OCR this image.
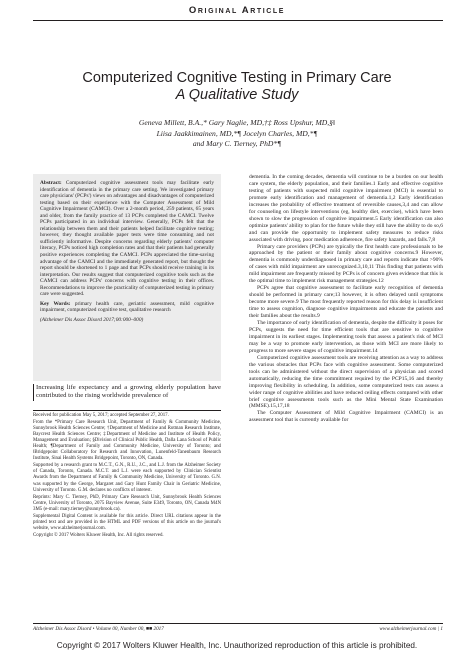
Original Article
Computerized Cognitive Testing in Primary Care
A Qualitative Study
Geneva Millett, B.A.,* Gary Naglie, MD,†‡ Ross Upshur, MD,§‖
Liisa Jaakkimainen, MD,*¶ Jocelyn Charles, MD,*¶
and Mary C. Tierney, PhD*¶

Abstract: Computerized cognitive assessment tools may facilitate early identification of dementia in the primary care setting. We investigated primary care physicians' (PCPs') views on advantages and disadvantages of computerized testing based on their experience with the Computer Assessment of Mild Cognitive Impairment (CAMCI). Over a 2-month period, 259 patients, 65 years and older, from the family practice of 13 PCPs completed the CAMCI. Twelve PCPs participated in an individual interview. Generally, PCPs felt that the relationship between them and their patients helped facilitate cognitive testing; however, they thought available paper tests were time consuming and not sufficiently informative. Despite concerns regarding elderly patients' computer literacy, PCPs noticed high completion rates and that their patients had generally positive experiences completing the CAMCI. PCPs appreciated the time-saving advantage of the CAMCI and the immediately generated report, but thought the report should be shortened to 1 page and that PCPs should receive training in its interpretation. Our results suggest that computerized cognitive tools such as the CAMCI can address PCPs' concerns with cognitive testing in their offices. Recommendations to improve the practicality of computerized testing in primary care were suggested.

Key Words: primary health care, geriatric assessment, mild cognitive impairment, computerized cognitive test, qualitative research

(Alzheimer Dis Assoc Disord 2017;00:000–000)

Increasing life expectancy and a growing elderly population have contributed to the rising worldwide prevalence of

Received for publication May 5, 2017; accepted September 27, 2017.

From the *Primary Care Research Unit, Department of Family & Community Medicine, Sunnybrook Health Sciences Centre; †Department of Medicine and Rotman Research Institute, Baycrest Health Sciences Centre; ‡Department of Medicine and Institute of Health Policy, Management and Evaluation; §Division of Clinical Public Health, Dalla Lana School of Public Health; ¶Department of Family and Community Medicine, University of Toronto; and ‖Bridgepoint Collaboratory for Research and Innovation, Lunenfeld-Tanenbaum Research Institute, Sinai Health Systems Bridgepoint, Toronto, ON, Canada.

Supported by a research grant to M.C.T., G.N., R.U., J.C., and L.J. from the Alzheimer Society of Canada, Toronto, Canada. M.C.T. and L.J. were each supported by Clinician Scientist Awards from the Department of Family & Community Medicine, University of Toronto. G.N. was supported by the George, Margaret and Gary Hunt Family Chair in Geriatric Medicine, University of Toronto. G.M. declares no conflicts of interest.

Reprints: Mary C. Tierney, PhD, Primary Care Research Unit, Sunnybrook Health Sciences Centre, University of Toronto, 2075 Bayview Avenue, Suite E349, Toronto, ON, Canada M4N 3M5 (e-mail: mary.tierney@sunnybrook.ca).

Supplemental Digital Content is available for this article. Direct URL citations appear in the printed text and are provided in the HTML and PDF versions of this article on the journal's website, www.alzheimerjournal.com.

Copyright © 2017 Wolters Kluwer Health, Inc. All rights reserved.

dementia. In the coming decades, dementia will continue to be a burden on our health care system, the elderly population, and their families.1 Early and effective cognitive testing of patients with suspected mild cognitive impairment (MCI) is essential to promote early identification and management of dementia.1,2 Early identification increases the probability of effective treatment of reversible causes,3,4 and can allow for counseling on lifestyle interventions (eg, healthy diet, exercise), which have been shown to slow the progression of cognitive impairment.5 Early identification can also optimize patients' ability to plan for the future while they still have the ability to do so,6 and can provide the opportunity to implement safety measures to reduce risks associated with driving, poor medication adherence, fire safety hazards, and falls.7,8

Primary care providers (PCPs) are typically the first health care professionals to be approached by the patient or their family about cognitive concerns.9 However, dementia is commonly underdiagnosed in primary care and reports indicate that >90% of cases with mild impairment are unrecognized.3,10,11 This finding that patients with mild impairment are frequently missed by PCPs is of concern given evidence that this is the optimal time to implement risk management strategies.12

PCPs agree that cognitive assessment to facilitate early recognition of dementia should be performed in primary care;13 however, it is often delayed until symptoms become more severe.9 The most frequently reported reason for this delay is insufficient time to assess cognition, diagnose cognitive impairments and educate the patients and their families about the results.9

The importance of early identification of dementia, despite the difficulty it poses for PCPs, suggests the need for time efficient tools that are sensitive to cognitive impairment in its earliest stages. Implementing tools that assess a patient's risk of MCI may be a way to promote early intervention, as those with MCI are more likely to progress to more severe stages of cognitive impairment.14

Computerized cognitive assessment tools are receiving attention as a way to address the various obstacles that PCPs face with cognitive assessment. Some computerized tools can be administered without the direct supervision of a physician and scored automatically, reducing the time commitment required by the PCP15,16 and thereby improving flexibility in scheduling. In addition, some computerized tests can assess a wider range of cognitive abilities and have reduced ceiling effects compared with other brief cognitive assessments tools such as the Mini Mental State Examination (MMSE).15,17,18

The Computer Assessment of Mild Cognitive Impairment (CAMCI) is an assessment tool that is currently available for

Alzheimer Dis Assoc Disord • Volume 00, Number 00, ■■ 2017	www.alzheimerjournal.com | 1
Copyright © 2017 Wolters Kluwer Health, Inc. Unauthorized reproduction of this article is prohibited.
